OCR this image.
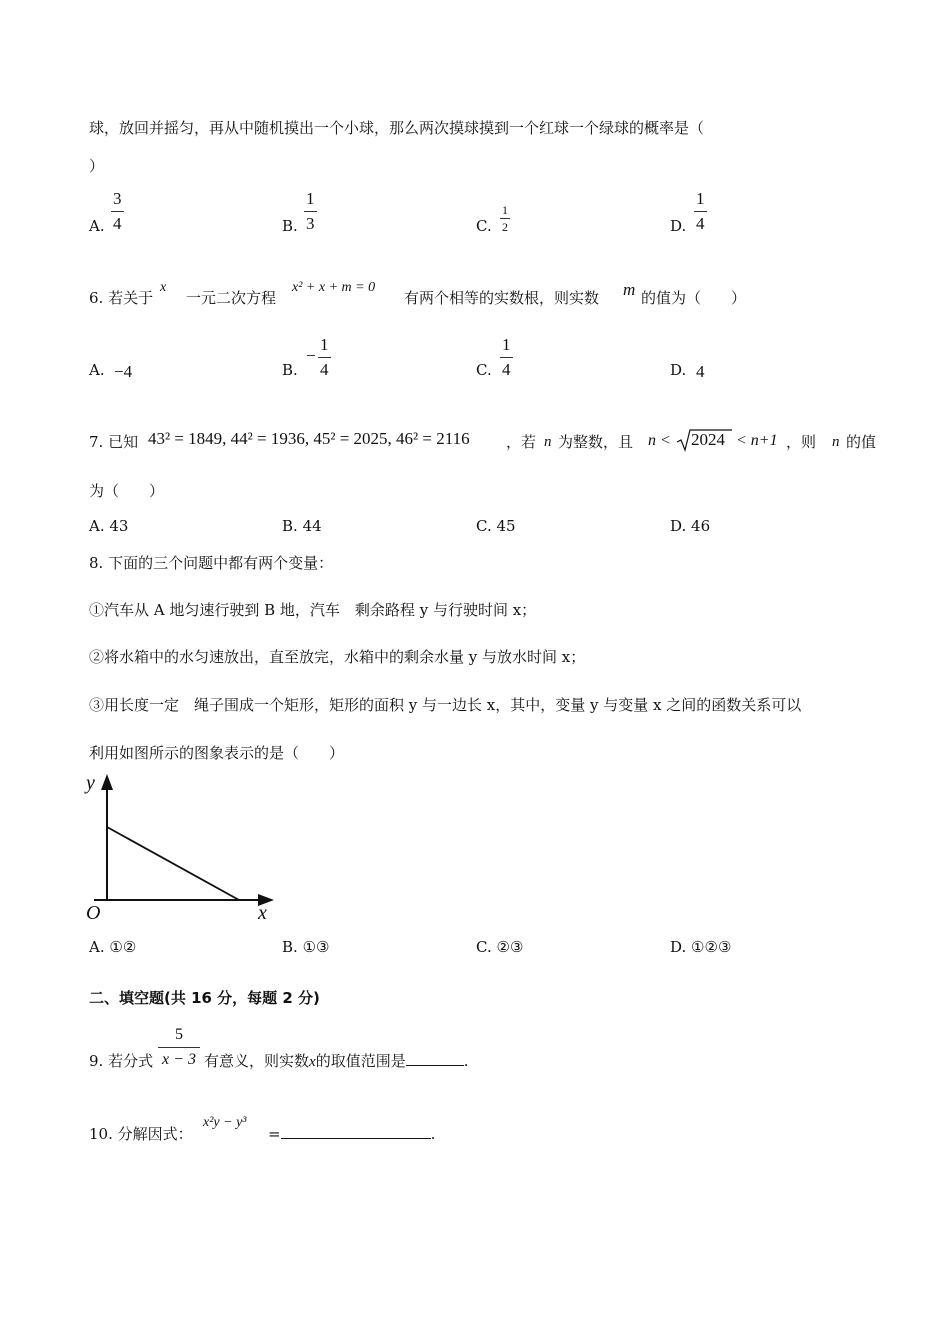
球，放回并摇匀，再从中随机摸出一个小球，那么两次摸球摸到一个红球一个绿球的概率是（
）
A.
3
4	B.
1
3	C.
1
2	D.
1
4
6. 若关于
x
一元二次方程
x² + x + m = 0
有两个相等的实数根，则实数 m 的值为（　　）
A. −4	B.
−
1
4	C.
1
4	D. 4
7. 已知 43² = 1849, 44² = 1936, 45² = 2025, 46² = 2116 ，若 n 为整数，且 n < 2024 < n+1 ，则 n 的值
为（　　）
A. 43	B. 44	C. 45	D. 46
8. 下面的三个问题中都有两个变量：
①汽车从 A 地匀速行驶到 B 地，汽车　剩余路程 y 与行驶时间 x；
②将水箱中的水匀速放出，直至放完，水箱中的剩余水量 y 与放水时间 x；
③用长度一定　绳子围成一个矩形，矩形的面积 y 与一边长 x，其中，变量 y 与变量 x 之间的函数关系可以
利用如图所示的图象表示的是（　　）
y
x
O
A. ①②	B. ①③	C. ②③	D. ①②③
二、填空题(共 16 分，每题 2 分)
9. 若分式
5
x − 3 有意义，则实数x的取值范围是	.
10. 分解因式：
x²y − y³
=	.
